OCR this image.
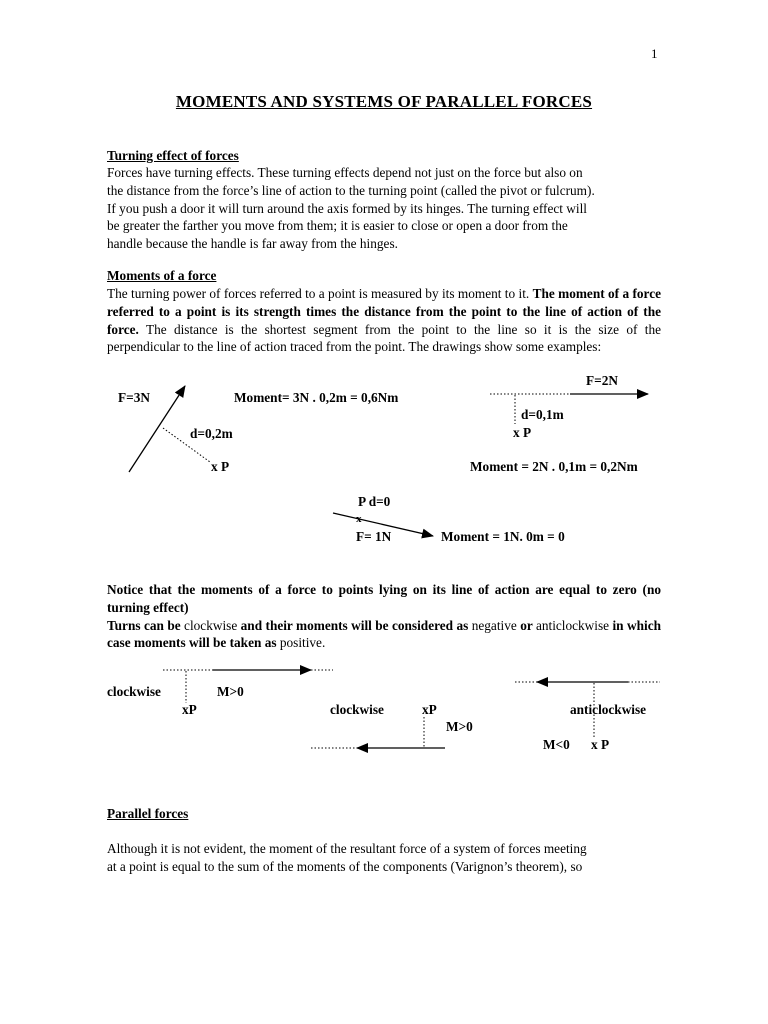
1
MOMENTS AND SYSTEMS OF PARALLEL FORCES
Turning effect of forces
Forces have turning effects. These turning effects depend not just on the force but also on
the distance from the force’s line of action to the turning point (called the pivot or fulcrum).
If you push a door it will turn around the axis formed by its hinges. The turning effect will
be greater the farther you move from them; it is easier to close or open a door from the
handle because the handle is far away from the hinges.
Moments of a force

The turning power of forces referred to a point is measured by its moment to it. The moment of a force referred to a point is its strength times the distance from the point to the line of action of the force. The distance is the shortest segment from the point to the line so it is the size of the perpendicular to the line of action traced from the point. The drawings show some examples:

F=3N	Moment= 3N . 0,2m = 0,6Nm
d=0,2m
x P
F=2N
d=0,1m
x P
Moment = 2N . 0,1m = 0,2Nm
P d=0
x
F= 1N	Moment = 1N. 0m = 0

Notice that the moments of a force to points lying on its line of action are equal to zero (no turning effect)
Turns can be clockwise and their moments will be considered as negative or anticlockwise in which case moments will be taken as positive.

clockwise	M>0
xP	clockwise	xP
M>0
anticlockwise
M<0 x P
Parallel forces
Although it is not evident, the moment of the resultant force of a system of forces meeting
at a point is equal to the sum of the moments of the components (Varignon’s theorem), so
